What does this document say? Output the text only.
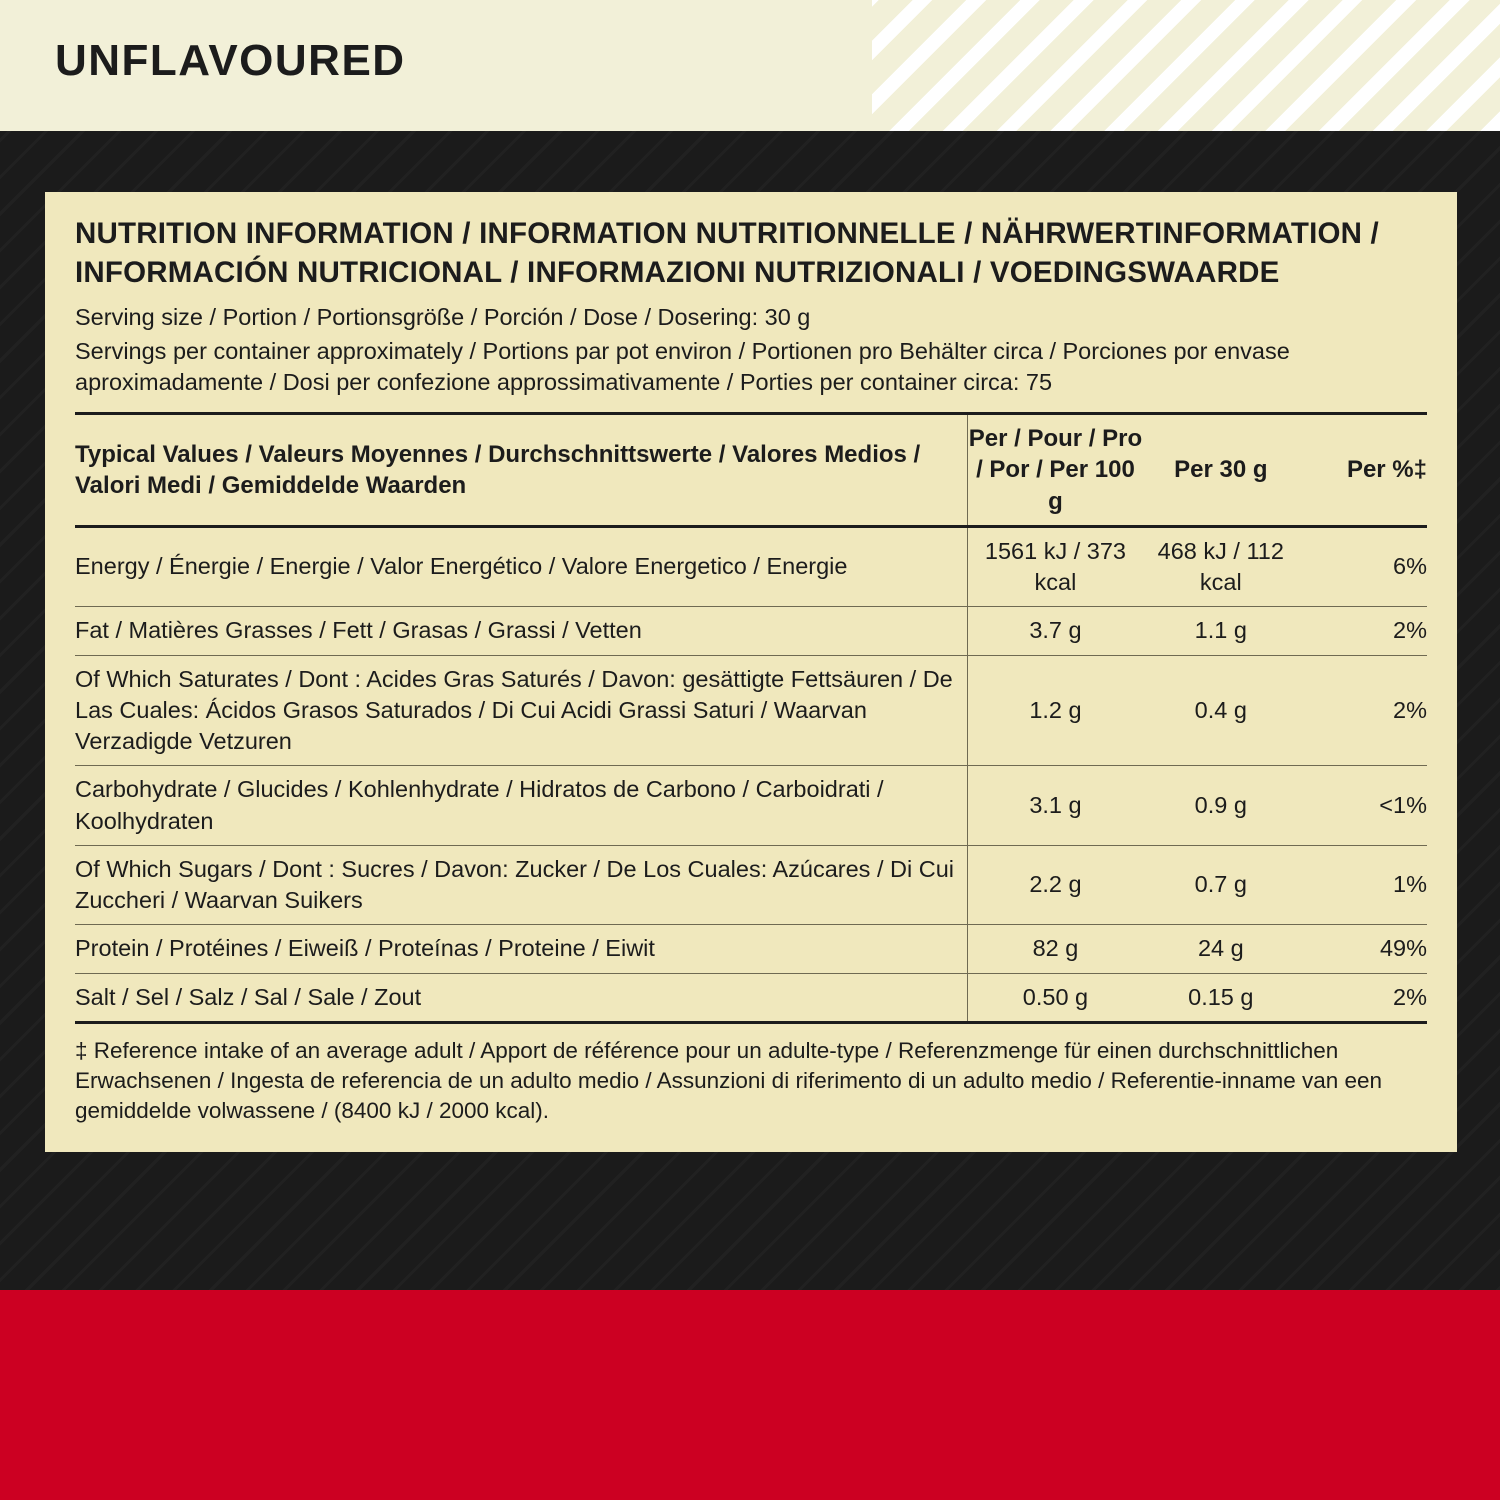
UNFLAVOURED
NUTRITION INFORMATION / INFORMATION NUTRITIONNELLE / NÄHRWERTINFORMATION / INFORMACIÓN NUTRICIONAL / INFORMAZIONI NUTRIZIONALI / VOEDINGSWAARDE
Serving size / Portion / Portionsgröße / Porción / Dose / Dosering: 30 g
Servings per container approximately / Portions par pot environ / Portionen pro Behälter circa / Porciones por envase aproximadamente / Dosi per confezione approssimativamente / Porties per container circa: 75
Typical Values / Valeurs Moyennes / Durchschnittswerte / Valores Medios / Valori Medi / Gemiddelde Waarden	Per / Pour / Pro / Por / Per 100 g	Per 30 g	Per %‡
Energy / Énergie / Energie / Valor Energético / Valore Energetico / Energie	1561 kJ / 373 kcal	468 kJ / 112 kcal	6%
Fat / Matières Grasses / Fett / Grasas / Grassi / Vetten	3.7 g	1.1 g	2%
Of Which Saturates / Dont : Acides Gras Saturés / Davon: gesättigte Fettsäuren / De Las Cuales: Ácidos Grasos Saturados / Di Cui Acidi Grassi Saturi / Waarvan Verzadigde Vetzuren	1.2 g	0.4 g	2%
Carbohydrate / Glucides / Kohlenhydrate / Hidratos de Carbono / Carboidrati / Koolhydraten	3.1 g	0.9 g	<1%
Of Which Sugars / Dont : Sucres / Davon: Zucker / De Los Cuales: Azúcares / Di Cui Zuccheri / Waarvan Suikers	2.2 g	0.7 g	1%
Protein / Protéines / Eiweiß / Proteínas / Proteine / Eiwit	82 g	24 g	49%
Salt / Sel / Salz / Sal / Sale / Zout	0.50 g	0.15 g	2%
‡ Reference intake of an average adult / Apport de référence pour un adulte-type / Referenzmenge für einen durchschnittlichen Erwachsenen / Ingesta de referencia de un adulto medio / Assunzioni di riferimento di un adulto medio / Referentie-inname van een gemiddelde volwassene / (8400 kJ / 2000 kcal).
